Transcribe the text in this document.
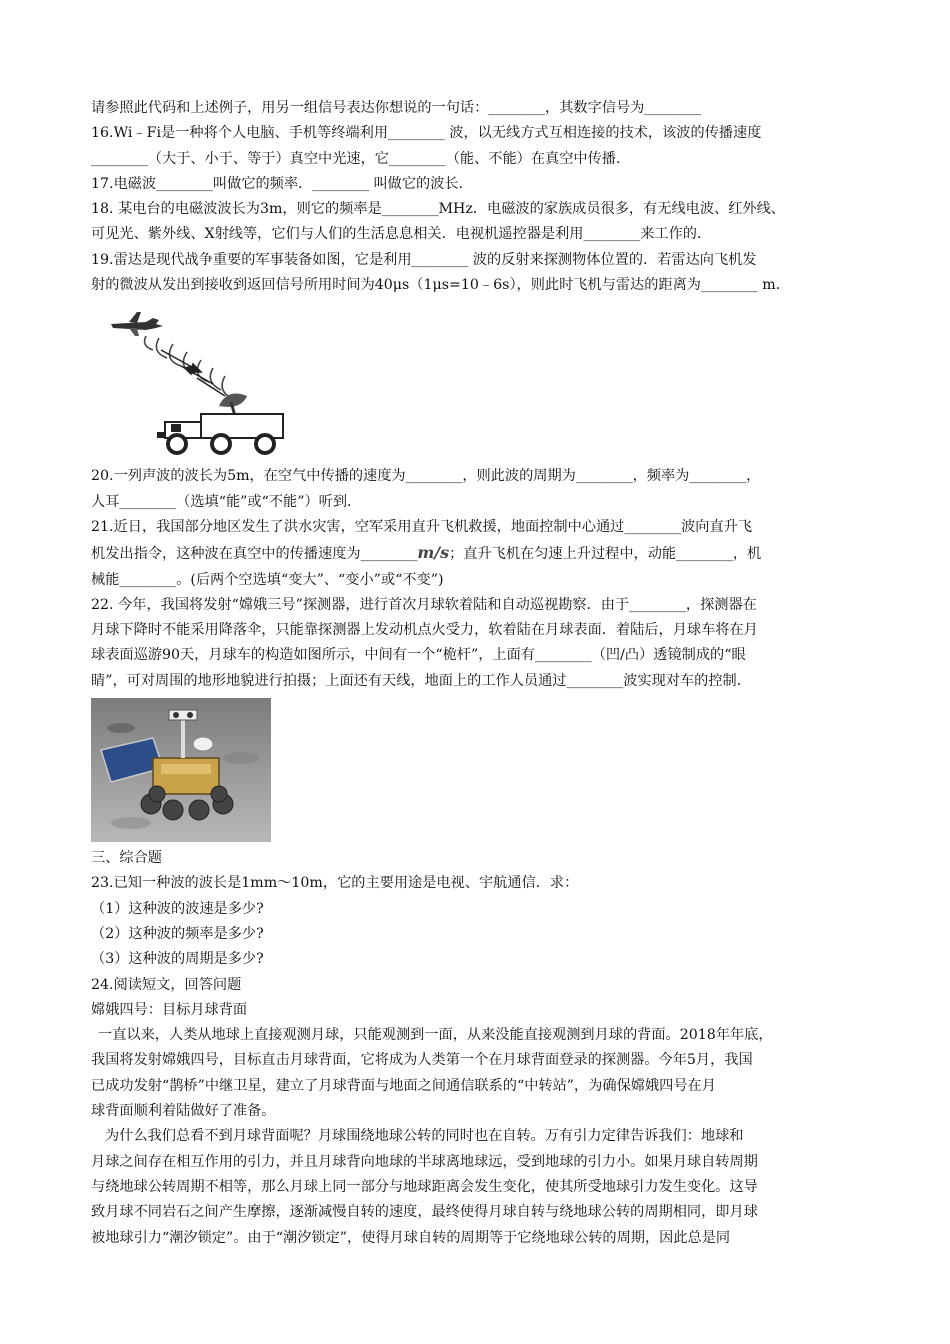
请参照此代码和上述例子，用另一组信号表达你想说的一句话：________，其数字信号为________
16.Wi﹣Fi是一种将个人电脑、手机等终端利用________ 波，以无线方式互相连接的技术，该波的传播速度
________（大于、小于、等于）真空中光速，它________（能、不能）在真空中传播.
17.电磁波________叫做它的频率．________ 叫做它的波长．
18. 某电台的电磁波波长为3m，则它的频率是________MHz．电磁波的家族成员很多，有无线电波、红外线、
可见光、紫外线、X射线等，它们与人们的生活息息相关．电视机遥控器是利用________来工作的．
19.雷达是现代战争重要的军事装备如图，它是利用________ 波的反射来探测物体位置的．若雷达向飞机发
射的微波从发出到接收到返回信号所用时间为40μs（1μs=10﹣6s），则此时飞机与雷达的距离为________ m．
20.一列声波的波长为5m，在空气中传播的速度为________，则此波的周期为________，频率为________，
人耳________（选填“能”或“不能”）听到．
21.近日，我国部分地区发生了洪水灾害，空军采用直升飞机救援，地面控制中心通过________波向直升飞
机发出指令，这种波在真空中的传播速度为________m/s；直升飞机在匀速上升过程中，动能________，机
械能________。(后两个空选填“变大”、“变小”或“不变”)
22. 今年，我国将发射“嫦娥三号”探测器，进行首次月球软着陆和自动巡视勘察．由于________，探测器在
月球下降时不能采用降落伞，只能靠探测器上发动机点火受力，软着陆在月球表面．着陆后，月球车将在月
球表面巡游90天，月球车的构造如图所示，中间有一个“桅杆”，上面有________（凹/凸）透镜制成的“眼
睛”，可对周围的地形地貌进行拍摄；上面还有天线，地面上的工作人员通过________波实现对车的控制．
三、综合题
23.已知一种波的波长是1mm～10m，它的主要用途是电视、宇航通信．求：
（1）这种波的波速是多少?
（2）这种波的频率是多少?
（3）这种波的周期是多少?
24.阅读短文，回答问题
嫦娥四号：目标月球背面
一直以来，人类从地球上直接观测月球，只能观测到一面，从来没能直接观测到月球的背面。2018年年底，
我国将发射嫦娥四号，目标直击月球背面，它将成为人类第一个在月球背面登录的探测器。今年5月，我国
已成功发射“鹊桥”中继卫星，建立了月球背面与地面之间通信联系的“中转站”，为确保嫦娥四号在月
球背面顺利着陆做好了准备。
为什么我们总看不到月球背面呢？月球围绕地球公转的同时也在自转。万有引力定律告诉我们：地球和
月球之间存在相互作用的引力，并且月球背向地球的半球离地球远，受到地球的引力小。如果月球自转周期
与绕地球公转周期不相等，那么月球上同一部分与地球距离会发生变化，使其所受地球引力发生变化。这导
致月球不同岩石之间产生摩擦，逐渐减慢自转的速度，最终使得月球自转与绕地球公转的周期相同，即月球
被地球引力“潮汐锁定”。由于“潮汐锁定”，使得月球自转的周期等于它绕地球公转的周期，因此总是同
